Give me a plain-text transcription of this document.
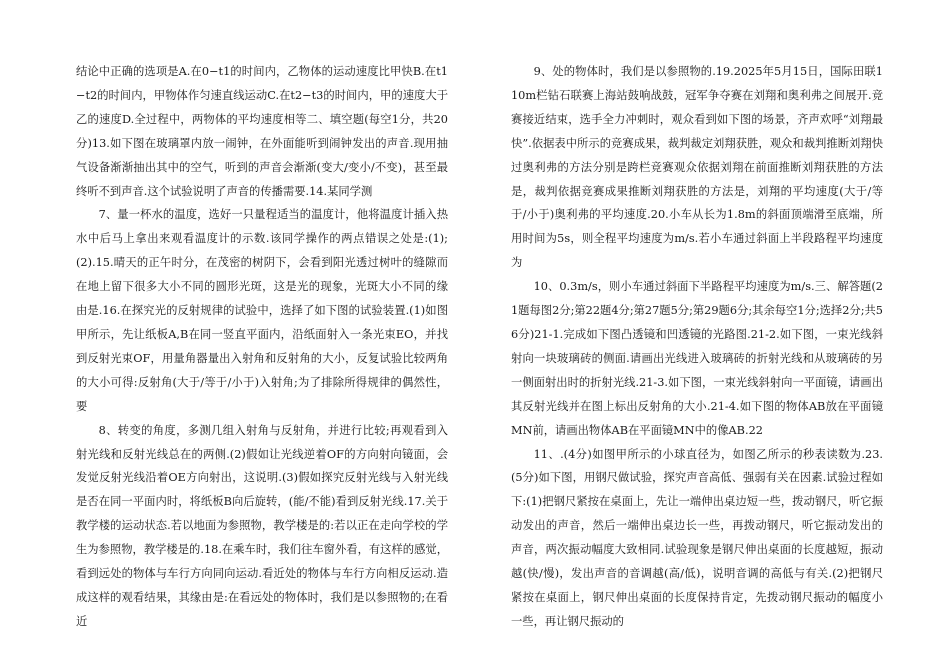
结论中正确的选项是A.在0−t1的时间内，乙物体的运动速度比甲快B.在t1−t2的时间内，甲物体作匀速直线运动C.在t2−t3的时间内，甲的速度大于乙的速度D.全过程中，两物体的平均速度相等二、填空题(每空1分，共20分)13.如下图在玻璃罩内放一闹钟，在外面能听到闹钟发出的声音.现用抽气设备渐渐抽出其中的空气，听到的声音会渐渐(变大/变小/不变)，甚至最终听不到声音.这个试验说明了声音的传播需要.14.某同学测

7、量一杯水的温度，选好一只量程适当的温度计，他将温度计插入热水中后马上拿出来观看温度计的示数.该同学操作的两点错误之处是:(1);(2).15.晴天的正午时分，在茂密的树阴下，会看到阳光透过树叶的缝隙而在地上留下很多大小不同的圆形光斑，这是光的现象，光斑大小不同的缘由是.16.在探究光的反射规律的试验中，选择了如下图的试验装置.(1)如图甲所示，先让纸板A,B在同一竖直平面内，沿纸面射入一条光束EO，并找到反射光束OF，用量角器量出入射角和反射角的大小，反复试验比较两角的大小可得:反射角(大于/等于/小于)入射角;为了排除所得规律的偶然性，要

8、转变的角度，多测几组入射角与反射角，并进行比较;再观看到入射光线和反射光线总在的两侧.(2)假如让光线逆着OF的方向射向镜面，会发觉反射光线沿着OE方向射出，这说明.(3)假如探究反射光线与入射光线是否在同一平面内时，将纸板B向后旋转，(能/不能)看到反射光线.17.关于教学楼的运动状态.若以地面为参照物，教学楼是的:若以正在走向学校的学生为参照物，教学楼是的.18.在乘车时，我们往车窗外看，有这样的感觉，看到远处的物体与车行方向同向运动.看近处的物体与车行方向相反运动.造成这样的观看结果，其缘由是:在看远处的物体时，我们是以参照物的;在看近

9、处的物体时，我们是以参照物的.19.2025年5月15日，国际田联110m栏钻石联赛上海站鼓响战鼓，冠军争夺赛在刘翔和奥利弗之间展开.竞赛接近结束，选手全力冲刺时，观众看到如下图的场景，齐声欢呼“刘翔最快”.依据表中所示的竞赛成果，裁判裁定刘翔获胜，观众和裁判推断刘翔快过奥利弗的方法分别是跨栏竞赛观众依据刘翔在前面推断刘翔获胜的方法是，裁判依据竞赛成果推断刘翔获胜的方法是，刘翔的平均速度(大于/等于/小于)奥利弗的平均速度.20.小车从长为1.8m的斜面顶端滑至底端，所用时间为5s，则全程平均速度为m/s.若小车通过斜面上半段路程平均速度为

10、0.3m/s，则小车通过斜面下半路程平均速度为m/s.三、解答题(21题每图2分;第22题4分;第27题5分;第29题6分;其余每空1分;选择2分;共56分)21-1.完成如下图凸透镜和凹透镜的光路图.21-2.如下图，一束光线斜射向一块玻璃砖的侧面.请画出光线进入玻璃砖的折射光线和从玻璃砖的另一侧面射出时的折射光线.21-3.如下图，一束光线斜射向一平面镜，请画出其反射光线并在图上标出反射角的大小.21-4.如下图的物体AB放在平面镜MN前，请画出物体AB在平面镜MN中的像AB.22

11、.(4分)如图甲所示的小球直径为，如图乙所示的秒表读数为.23.(5分)如下图，用钢尺做试验，探究声音高低、强弱有关在因素.试验过程如下:(1)把钢尺紧按在桌面上，先让一端伸出桌边短一些，拨动钢尺，听它振动发出的声音，然后一端伸出桌边长一些，再拨动钢尺，听它振动发出的声音，两次振动幅度大致相同.试验现象是钢尺伸出桌面的长度越短，振动越(快/慢)，发出声音的音调越(高/低)，说明音调的高低与有关.(2)把钢尺紧按在桌面上，钢尺伸出桌面的长度保持肯定，先拨动钢尺振动的幅度小一些，再让钢尺振动的
